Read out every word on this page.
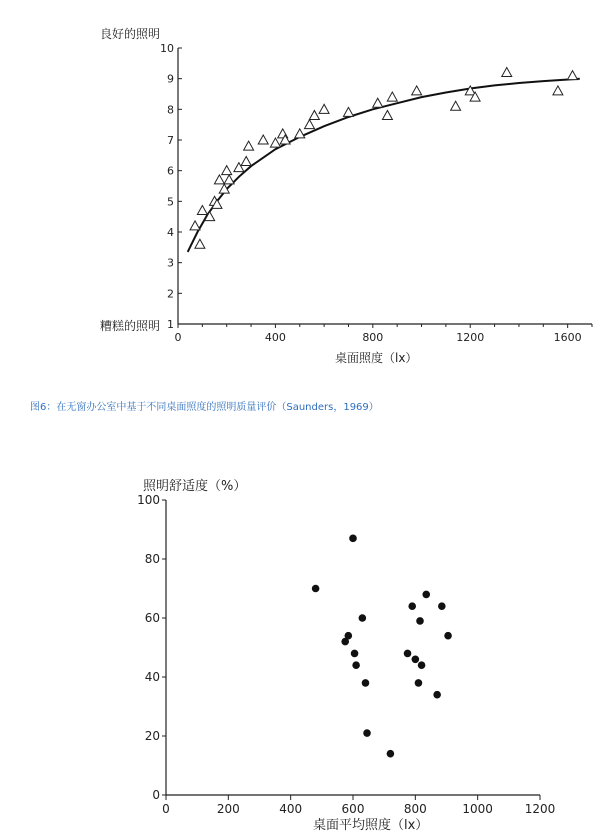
0	400	800	1200	1600
2
3
4
5
6
7
8
9
10
1
良好的照明
糟糕的照明
桌面照度（lx）
图6：在无窗办公室中基于不同桌面照度的照明质量评价（Saunders，1969）
0	200	400	600	800	1000	1200
0
20
40
60
80
100
照明舒适度（%）
桌面平均照度（lx）
